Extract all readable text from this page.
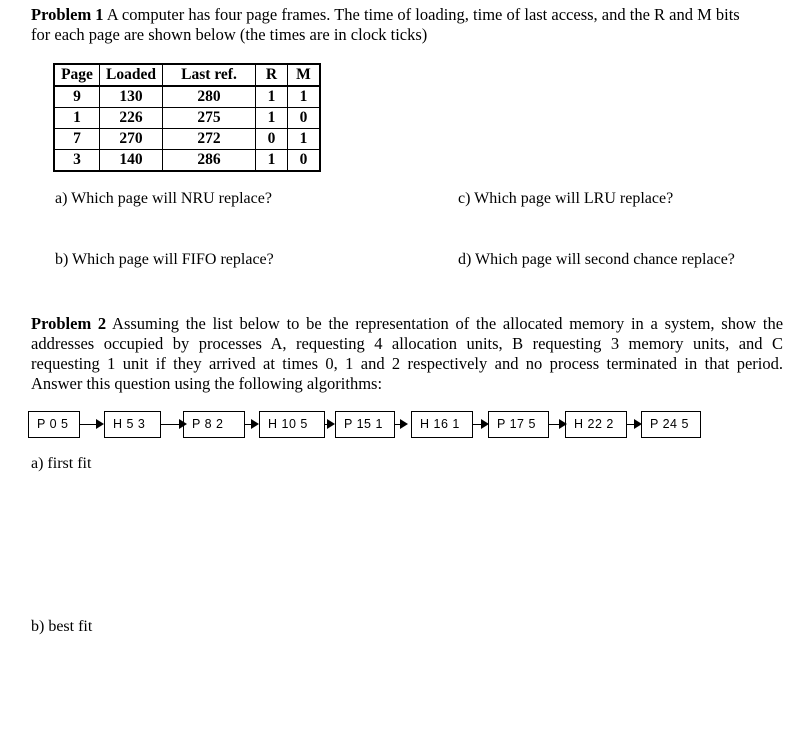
Problem 1 A computer has four page frames. The time of loading, time of last access, and the R and M bits
for each page are shown below (the times are in clock ticks)
Page	Loaded	Last ref.	R	M
9	130	280	1	1
1	226	275	1	0
7	270	272	0	1
3	140	286	1	0
a) Which page will NRU replace?	c) Which page will LRU replace?
b) Which page will FIFO replace?	d) Which page will second chance replace?
Problem 2 Assuming the list below to be the representation of the allocated memory in a system, show the
addresses occupied by processes A, requesting 4 allocation units, B requesting 3 memory units, and C
requesting 1 unit if they arrived at times 0, 1 and 2 respectively and no process terminated in that period.
Answer this question using the following algorithms:
P 0 5	H 5 3	P 8 2	H 10 5	P 15 1	H 16 1	P 17 5	H 22 2	P 24 5
a) first fit
b) best fit
